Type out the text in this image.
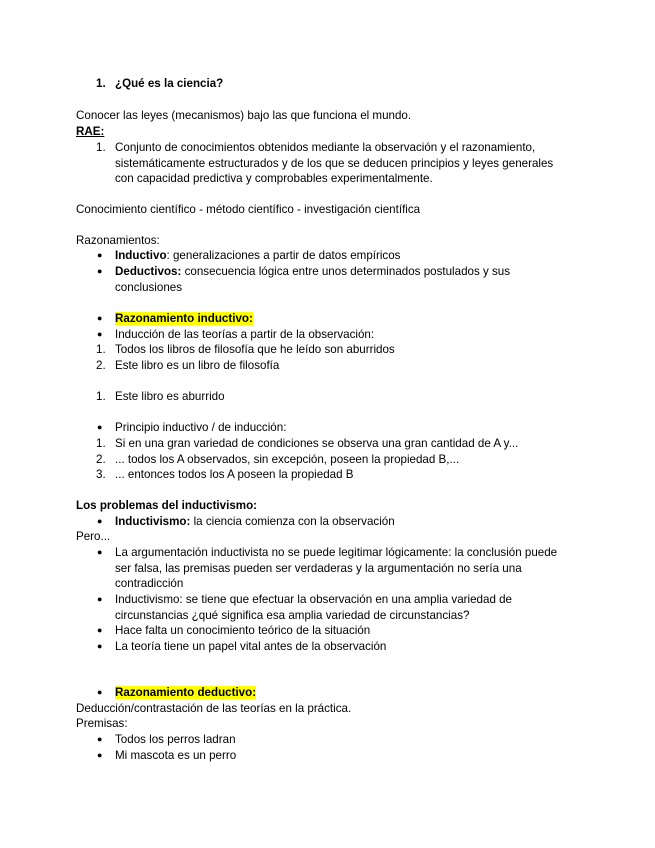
1. ¿Qué es la ciencia?
Conocer las leyes (mecanismos) bajo las que funciona el mundo.
RAE:
1. Conjunto de conocimientos obtenidos mediante la observación y el razonamiento, sistemáticamente estructurados y de los que se deducen principios y leyes generales con capacidad predictiva y comprobables experimentalmente.
Conocimiento científico - método científico - investigación científica
Razonamientos:
● Inductivo: generalizaciones a partir de datos empíricos
● Deductivos: consecuencia lógica entre unos determinados postulados y sus conclusiones
● Razonamiento inductivo:
● Inducción de las teorías a partir de la observación:
1. Todos los libros de filosofía que he leído son aburridos
2. Este libro es un libro de filosofía
1. Este libro es aburrido
● Principio inductivo / de inducción:
1. Si en una gran variedad de condiciones se observa una gran cantidad de A y...
2. ... todos los A observados, sin excepción, poseen la propiedad B,...
3. ... entonces todos los A poseen la propiedad B
Los problemas del inductivismo:
● Inductivismo: la ciencia comienza con la observación
Pero...
● La argumentación inductivista no se puede legitimar lógicamente: la conclusión puede ser falsa, las premisas pueden ser verdaderas y la argumentación no sería una contradicción
● Inductivismo: se tiene que efectuar la observación en una amplia variedad de circunstancias ¿qué significa esa amplia variedad de circunstancias?
● Hace falta un conocimiento teórico de la situación
● La teoría tiene un papel vital antes de la observación
● Razonamiento deductivo:
Deducción/contrastación de las teorías en la práctica.
Premisas:
● Todos los perros ladran
● Mi mascota es un perro
